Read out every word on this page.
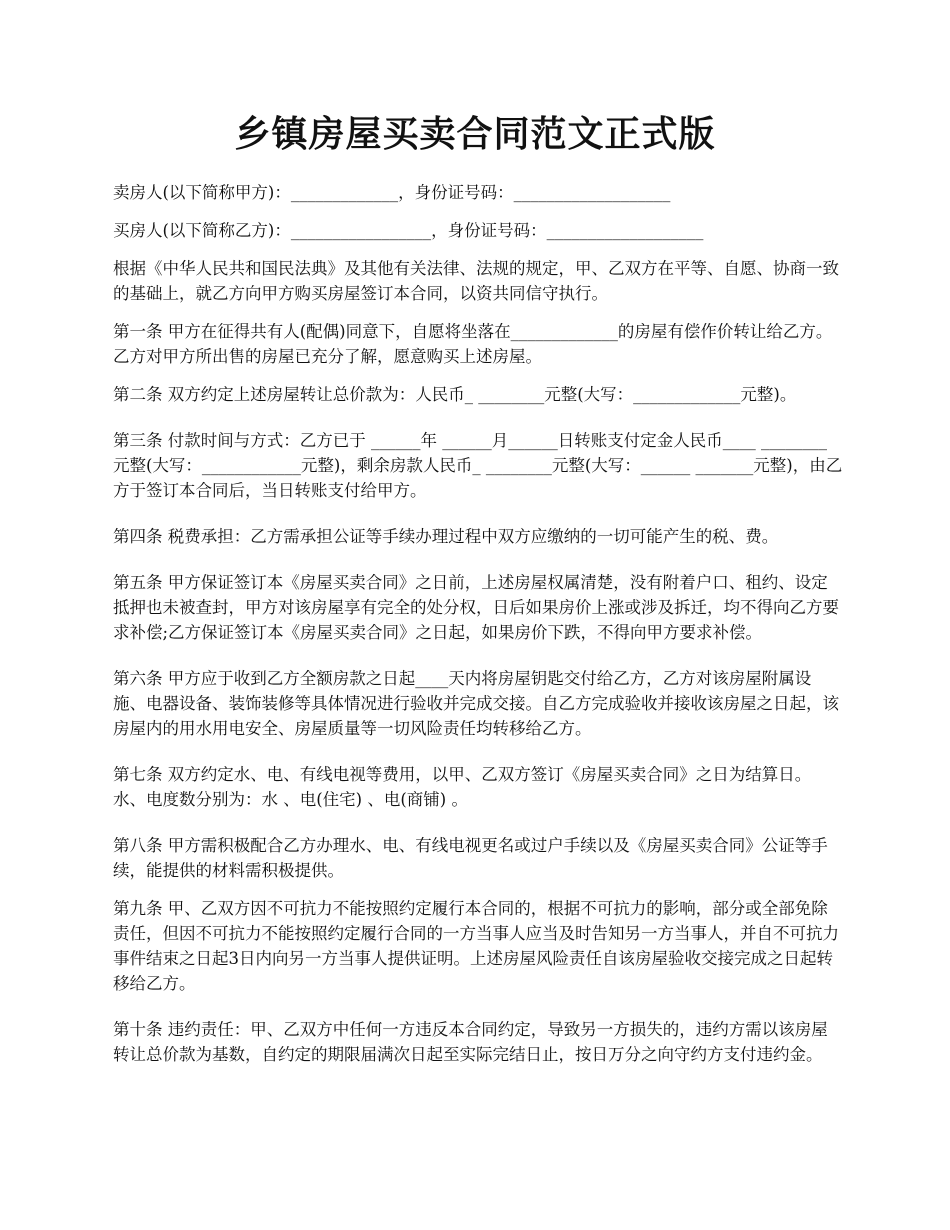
乡镇房屋买卖合同范文正式版

卖房人(以下简称甲方)：_____________，身份证号码：___________________

买房人(以下简称乙方)：_________________，身份证号码：___________________

根据《中华人民共和国民法典》及其他有关法律、法规的规定，甲、乙双方在平等、自愿、协商一致的基础上，就乙方向甲方购买房屋签订本合同，以资共同信守执行。

第一条 甲方在征得共有人(配偶)同意下，自愿将坐落在_____________的房屋有偿作价转让给乙方。乙方对甲方所出售的房屋已充分了解，愿意购买上述房屋。

第二条 双方约定上述房屋转让总价款为：人民币_ ________元整(大写：_____________元整)。

第三条 付款时间与方式：乙方已于 ______年 ______月______日转账支付定金人民币____ ________元整(大写：____________元整)，剩余房款人民币_ ________元整(大写：______ _______元整)，由乙方于签订本合同后，当日转账支付给甲方。

第四条 税费承担：乙方需承担公证等手续办理过程中双方应缴纳的一切可能产生的税、费。

第五条 甲方保证签订本《房屋买卖合同》之日前，上述房屋权属清楚，没有附着户口、租约、设定抵押也未被查封，甲方对该房屋享有完全的处分权，日后如果房价上涨或涉及拆迁，均不得向乙方要求补偿;乙方保证签订本《房屋买卖合同》之日起，如果房价下跌，不得向甲方要求补偿。

第六条 甲方应于收到乙方全额房款之日起____天内将房屋钥匙交付给乙方，乙方对该房屋附属设施、电器设备、装饰装修等具体情况进行验收并完成交接。自乙方完成验收并接收该房屋之日起，该房屋内的用水用电安全、房屋质量等一切风险责任均转移给乙方。

第七条 双方约定水、电、有线电视等费用，以甲、乙双方签订《房屋买卖合同》之日为结算日。水、电度数分别为：水 、电(住宅) 、电(商铺) 。

第八条 甲方需积极配合乙方办理水、电、有线电视更名或过户手续以及《房屋买卖合同》公证等手续，能提供的材料需积极提供。

第九条 甲、乙双方因不可抗力不能按照约定履行本合同的，根据不可抗力的影响，部分或全部免除责任，但因不可抗力不能按照约定履行合同的一方当事人应当及时告知另一方当事人，并自不可抗力事件结束之日起3日内向另一方当事人提供证明。上述房屋风险责任自该房屋验收交接完成之日起转移给乙方。

第十条 违约责任：甲、乙双方中任何一方违反本合同约定，导致另一方损失的，违约方需以该房屋转让总价款为基数，自约定的期限届满次日起至实际完结日止，按日万分之向守约方支付违约金。
